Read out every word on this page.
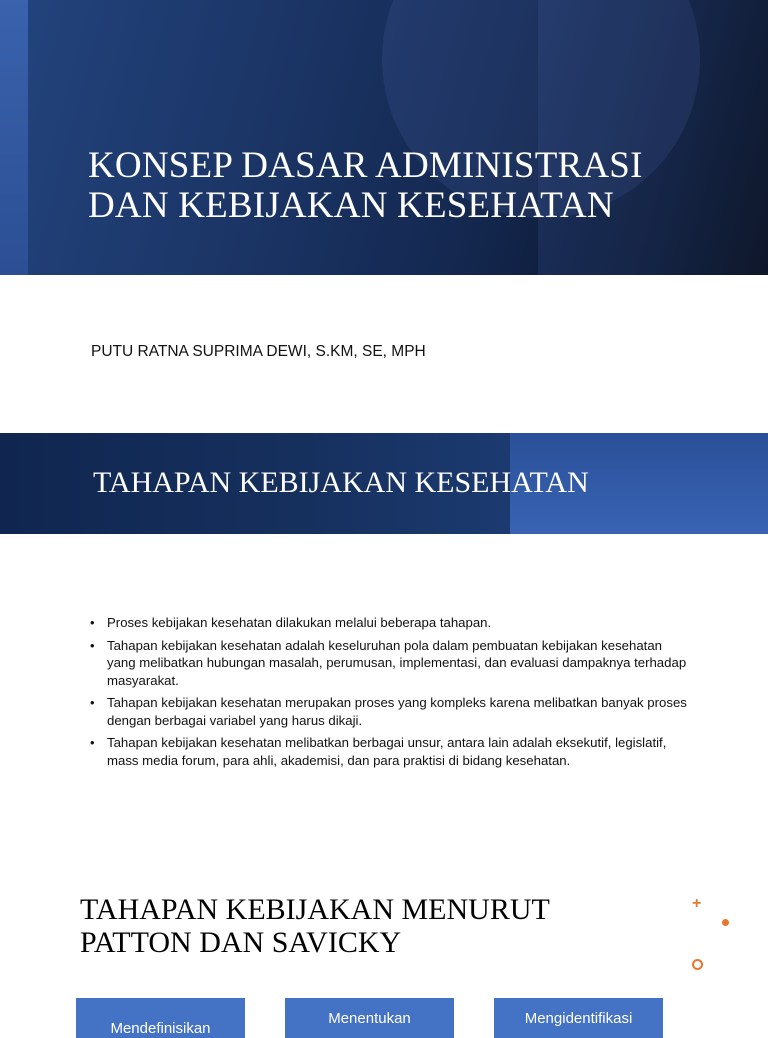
KONSEP DASAR ADMINISTRASI
DAN KEBIJAKAN KESEHATAN

PUTU RATNA SUPRIMA DEWI, S.KM, SE, MPH

TAHAPAN KEBIJAKAN KESEHATAN
• Proses kebijakan kesehatan dilakukan melalui beberapa tahapan.
• Tahapan kebijakan kesehatan adalah keseluruhan pola dalam pembuatan kebijakan kesehatan yang melibatkan hubungan masalah, perumusan, implementasi, dan evaluasi dampaknya terhadap masyarakat.
• Tahapan kebijakan kesehatan merupakan proses yang kompleks karena melibatkan banyak proses dengan berbagai variabel yang harus dikaji.
• Tahapan kebijakan kesehatan melibatkan berbagai unsur, antara lain adalah eksekutif, legislatif, mass media forum, para ahli, akademisi, dan para praktisi di bidang kesehatan.
TAHAPAN KEBIJAKAN MENURUT
PATTON DAN SAVICKY
+
Mendefinisikan
Menentukan	Mengidentifikasi
